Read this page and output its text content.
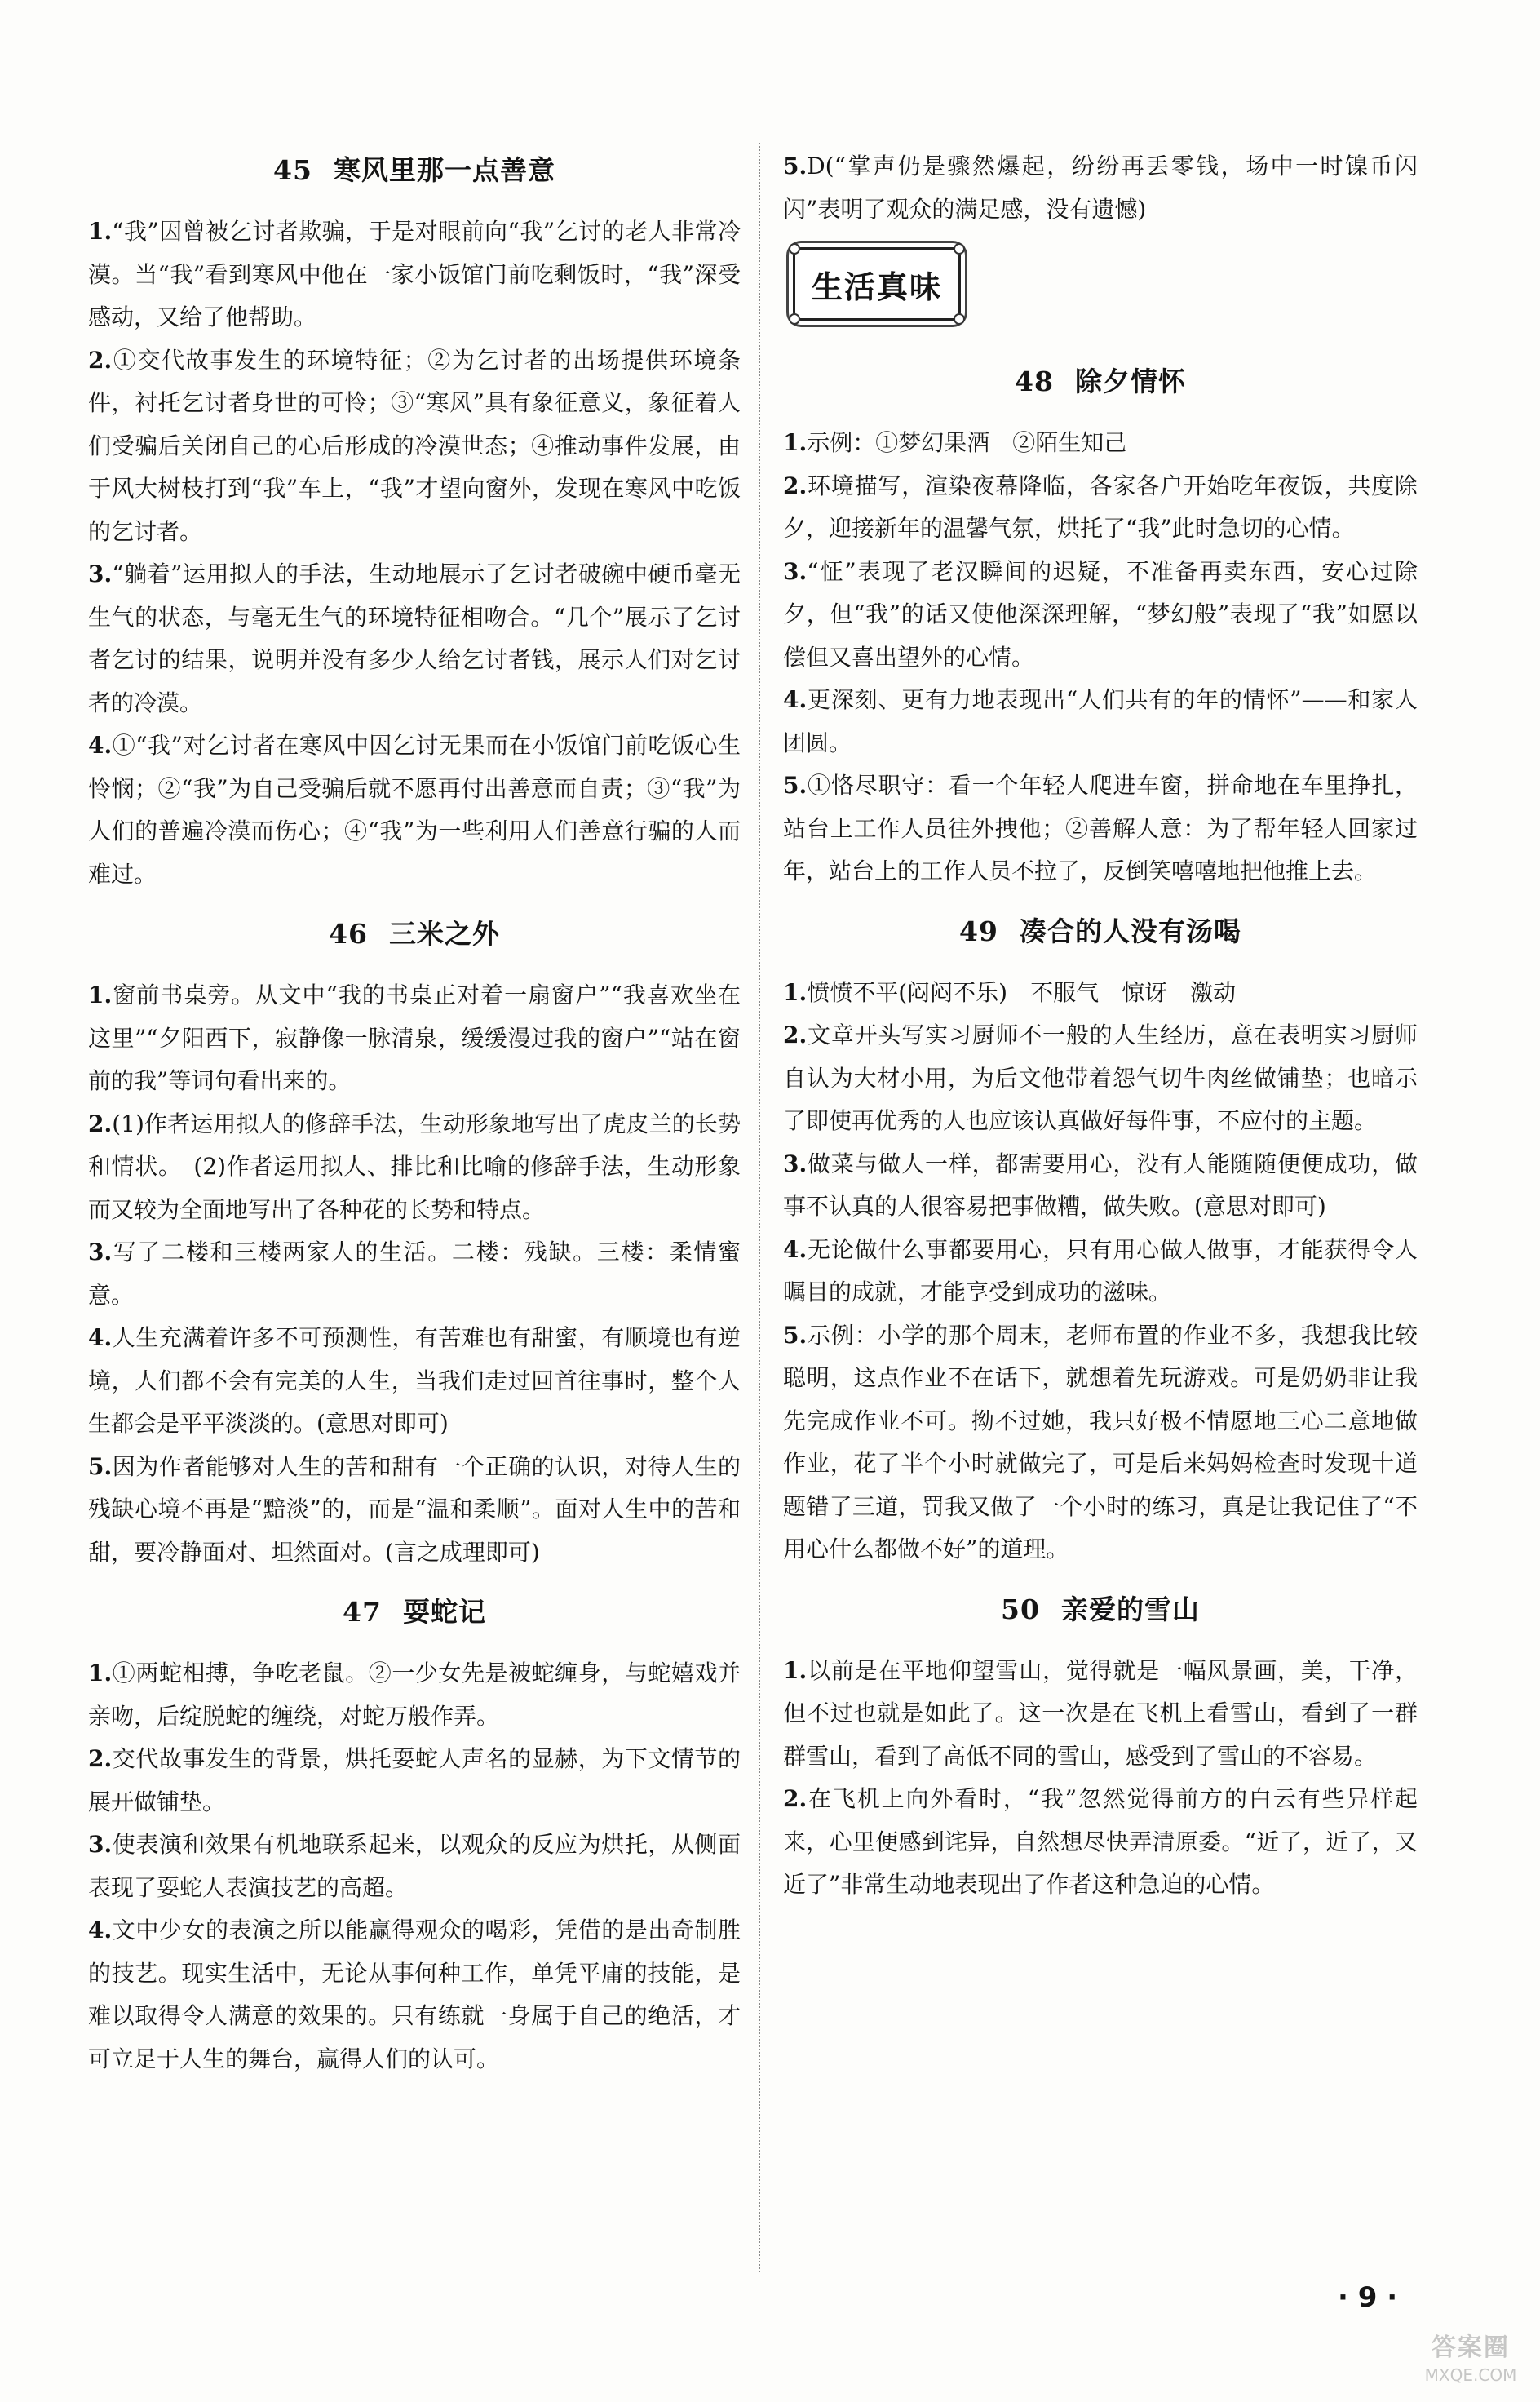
45 寒风里那一点善意

1.“我”因曾被乞讨者欺骗，于是对眼前向“我”乞讨的老人非常冷漠。当“我”看到寒风中他在一家小饭馆门前吃剩饭时，“我”深受感动，又给了他帮助。

2.①交代故事发生的环境特征；②为乞讨者的出场提供环境条件，衬托乞讨者身世的可怜；③“寒风”具有象征意义，象征着人们受骗后关闭自己的心后形成的冷漠世态；④推动事件发展，由于风大树枝打到“我”车上，“我”才望向窗外，发现在寒风中吃饭的乞讨者。

3.“躺着”运用拟人的手法，生动地展示了乞讨者破碗中硬币毫无生气的状态，与毫无生气的环境特征相吻合。“几个”展示了乞讨者乞讨的结果，说明并没有多少人给乞讨者钱，展示人们对乞讨者的冷漠。

4.①“我”对乞讨者在寒风中因乞讨无果而在小饭馆门前吃饭心生怜悯；②“我”为自己受骗后就不愿再付出善意而自责；③“我”为人们的普遍冷漠而伤心；④“我”为一些利用人们善意行骗的人而难过。

46 三米之外

1.窗前书桌旁。从文中“我的书桌正对着一扇窗户”“我喜欢坐在这里”“夕阳西下，寂静像一脉清泉，缓缓漫过我的窗户”“站在窗前的我”等词句看出来的。

2.(1)作者运用拟人的修辞手法，生动形象地写出了虎皮兰的长势和情状。　(2)作者运用拟人、排比和比喻的修辞手法，生动形象而又较为全面地写出了各种花的长势和特点。

3.写了二楼和三楼两家人的生活。二楼：残缺。三楼：柔情蜜意。

4.人生充满着许多不可预测性，有苦难也有甜蜜，有顺境也有逆境，人们都不会有完美的人生，当我们走过回首往事时，整个人生都会是平平淡淡的。(意思对即可)

5.因为作者能够对人生的苦和甜有一个正确的认识，对待人生的残缺心境不再是“黯淡”的，而是“温和柔顺”。面对人生中的苦和甜，要冷静面对、坦然面对。(言之成理即可)

47 耍蛇记

1.①两蛇相搏，争吃老鼠。②一少女先是被蛇缠身，与蛇嬉戏并亲吻，后绽脱蛇的缠绕，对蛇万般作弄。

2.交代故事发生的背景，烘托耍蛇人声名的显赫，为下文情节的展开做铺垫。

3.使表演和效果有机地联系起来，以观众的反应为烘托，从侧面表现了耍蛇人表演技艺的高超。

4.文中少女的表演之所以能赢得观众的喝彩，凭借的是出奇制胜的技艺。现实生活中，无论从事何种工作，单凭平庸的技能，是难以取得令人满意的效果的。只有练就一身属于自己的绝活，才可立足于人生的舞台，赢得人们的认可。

5.D(“掌声仍是骤然爆起，纷纷再丢零钱，场中一时镍币闪闪”表明了观众的满足感，没有遗憾)

生活真味
48 除夕情怀

1.示例：①梦幻果酒　②陌生知己

2.环境描写，渲染夜幕降临，各家各户开始吃年夜饭，共度除夕，迎接新年的温馨气氛，烘托了“我”此时急切的心情。

3.“怔”表现了老汉瞬间的迟疑，不准备再卖东西，安心过除夕，但“我”的话又使他深深理解，“梦幻般”表现了“我”如愿以偿但又喜出望外的心情。

4.更深刻、更有力地表现出“人们共有的年的情怀”——和家人团圆。

5.①恪尽职守：看一个年轻人爬进车窗，拼命地在车里挣扎，站台上工作人员往外拽他；②善解人意：为了帮年轻人回家过年，站台上的工作人员不拉了，反倒笑嘻嘻地把他推上去。

49 凑合的人没有汤喝

1.愤愤不平(闷闷不乐)　不服气　惊讶　激动

2.文章开头写实习厨师不一般的人生经历，意在表明实习厨师自认为大材小用，为后文他带着怨气切牛肉丝做铺垫；也暗示了即使再优秀的人也应该认真做好每件事，不应付的主题。

3.做菜与做人一样，都需要用心，没有人能随随便便成功，做事不认真的人很容易把事做糟，做失败。(意思对即可)

4.无论做什么事都要用心，只有用心做人做事，才能获得令人瞩目的成就，才能享受到成功的滋味。

5.示例：小学的那个周末，老师布置的作业不多，我想我比较聪明，这点作业不在话下，就想着先玩游戏。可是奶奶非让我先完成作业不可。拗不过她，我只好极不情愿地三心二意地做作业，花了半个小时就做完了，可是后来妈妈检查时发现十道题错了三道，罚我又做了一个小时的练习，真是让我记住了“不用心什么都做不好”的道理。

50 亲爱的雪山

1.以前是在平地仰望雪山，觉得就是一幅风景画，美，干净，但不过也就是如此了。这一次是在飞机上看雪山，看到了一群群雪山，看到了高低不同的雪山，感受到了雪山的不容易。

2.在飞机上向外看时，“我”忽然觉得前方的白云有些异样起来，心里便感到诧异，自然想尽快弄清原委。“近了，近了，又近了”非常生动地表现出了作者这种急迫的心情。

· 9 ·
答案圈
MXQE.COM
